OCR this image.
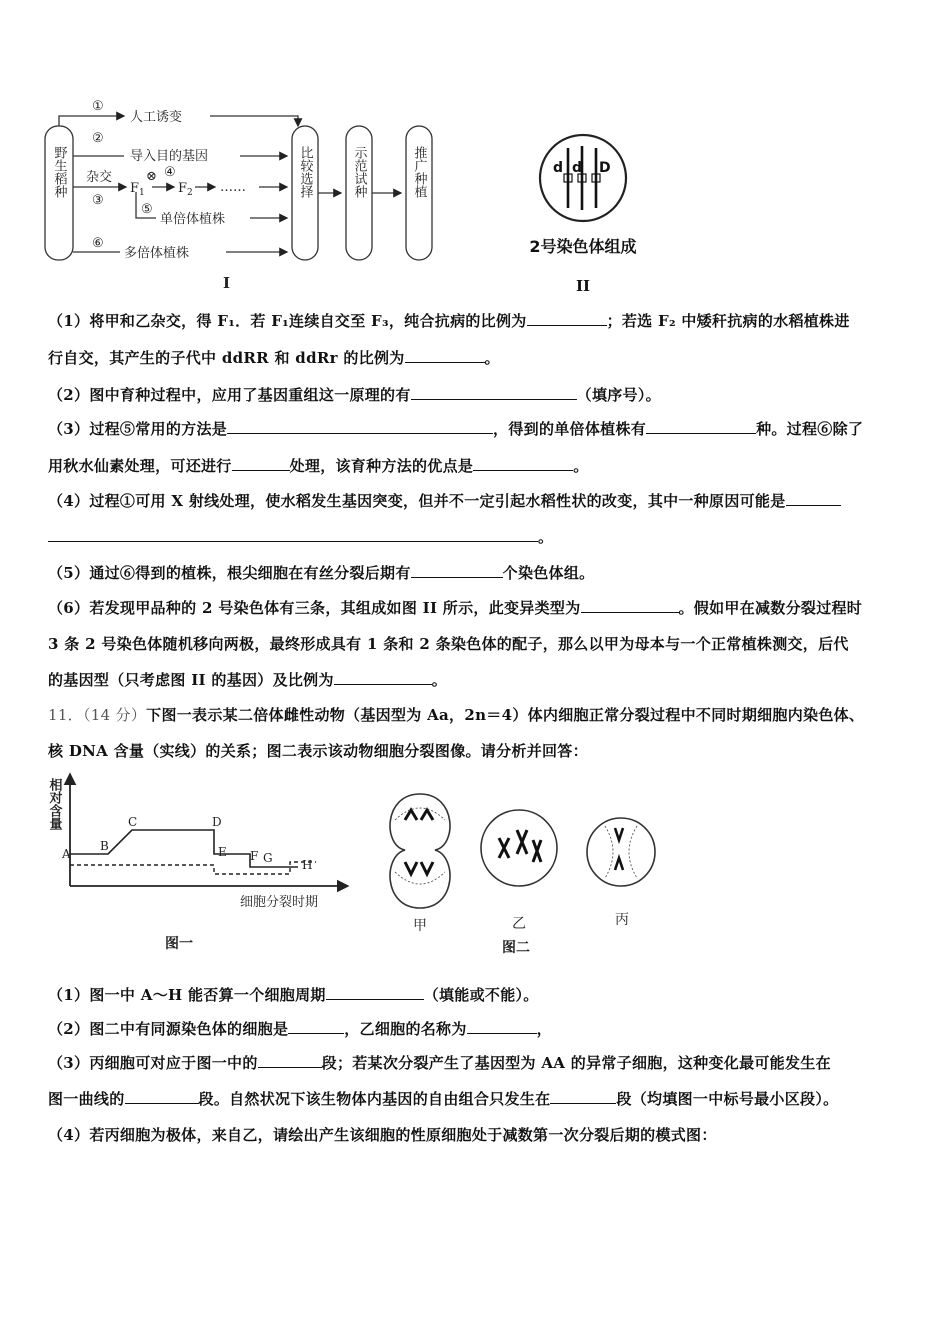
野生稻种	比较选择	示范试种	推广种植
①
人工诱变
②
导入目的基因
杂交
③
$F_1$
⊗ ④
$F_2$ ……
⑤
单倍体植株
⑥
多倍体植株
I
d d D
2号染色体组成
II
（1）将甲和乙杂交，得 F₁．若 F₁连续自交至 F₃，纯合抗病的比例为	；若选 F₂ 中矮秆抗病的水稻植株进
行自交，其产生的子代中 ddRR 和 ddRr 的比例为	。
（2）图中育种过程中，应用了基因重组这一原理的有	（填序号）。
（3）过程⑤常用的方法是	，得到的单倍体植株有	种。过程⑥除了
用秋水仙素处理，可还进行	处理，该育种方法的优点是	。
（4）过程①可用 X 射线处理，使水稻发生基因突变，但并不一定引起水稻性状的改变，其中一种原因可能是
。
（5）通过⑥得到的植株，根尖细胞在有丝分裂后期有	个染色体组。
（6）若发现甲品种的 2 号染色体有三条，其组成如图 II 所示，此变异类型为	。假如甲在减数分裂过程时
3 条 2 号染色体随机移向两极，最终形成具有 1 条和 2 条染色体的配子，那么以甲为母本与一个正常植株测交，后代
的基因型（只考虑图 II 的基因）及比例为	。
11．（14 分）下图一表示某二倍体雌性动物（基因型为 Aa，2n＝4）体内细胞正常分裂过程中不同时期细胞内染色体、
核 DNA 含量（实线）的关系；图二表示该动物细胞分裂图像。请分析并回答：
相对含量
细胞分裂时期
A
B
C	D
E F G H
图一
甲	乙	丙
图二
（1）图一中 A～H 能否算一个细胞周期	（填能或不能）。
（2）图二中有同源染色体的细胞是	，乙细胞的名称为	，
（3）丙细胞可对应于图一中的	段；若某次分裂产生了基因型为 AA 的异常子细胞，这种变化最可能发生在
图一曲线的	段。自然状况下该生物体内基因的自由组合只发生在	段（均填图一中标号最小区段）。
（4）若丙细胞为极体，来自乙，请绘出产生该细胞的性原细胞处于减数第一次分裂后期的模式图：
